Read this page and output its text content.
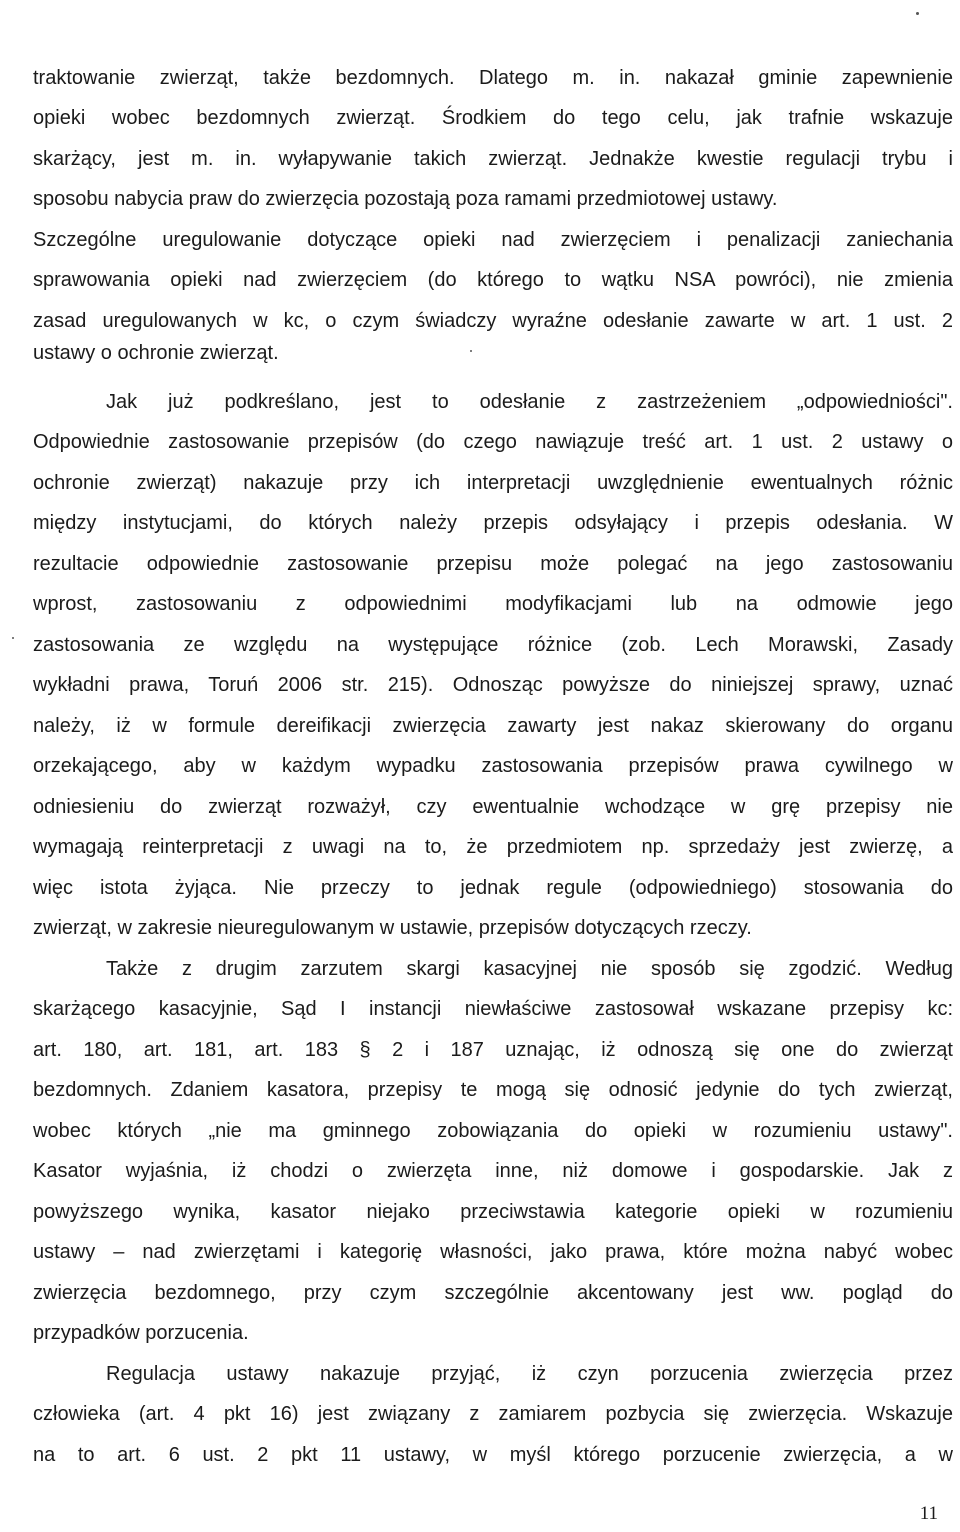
traktowanie zwierząt, także bezdomnych. Dlatego m. in. nakazał gminie zapewnienie
opieki wobec bezdomnych zwierząt. Środkiem do tego celu, jak trafnie wskazuje
skarżący, jest m. in. wyłapywanie takich zwierząt. Jednakże kwestie regulacji trybu i
sposobu nabycia praw do zwierzęcia pozostają poza ramami przedmiotowej ustawy.
Szczególne uregulowanie dotyczące opieki nad zwierzęciem i penalizacji zaniechania
sprawowania opieki nad zwierzęciem (do którego to wątku NSA powróci), nie zmienia
zasad uregulowanych w kc, o czym świadczy wyraźne odesłanie zawarte w art. 1 ust. 2
ustawy o ochronie zwierząt.
Jak już podkreślano, jest to odesłanie z zastrzeżeniem „odpowiedniości".
Odpowiednie zastosowanie przepisów (do czego nawiązuje treść art. 1 ust. 2 ustawy o
ochronie zwierząt) nakazuje przy ich interpretacji uwzględnienie ewentualnych różnic
między instytucjami, do których należy przepis odsyłający i przepis odesłania. W
rezultacie odpowiednie zastosowanie przepisu może polegać na jego zastosowaniu
wprost, zastosowaniu z odpowiednimi modyfikacjami lub na odmowie jego
zastosowania ze względu na występujące różnice (zob. Lech Morawski, Zasady
wykładni prawa, Toruń 2006 str. 215). Odnosząc powyższe do niniejszej sprawy, uznać
należy, iż w formule dereifikacji zwierzęcia zawarty jest nakaz skierowany do organu
orzekającego, aby w każdym wypadku zastosowania przepisów prawa cywilnego w
odniesieniu do zwierząt rozważył, czy ewentualnie wchodzące w grę przepisy nie
wymagają reinterpretacji z uwagi na to, że przedmiotem np. sprzedaży jest zwierzę, a
więc istota żyjąca. Nie przeczy to jednak regule (odpowiedniego) stosowania do
zwierząt, w zakresie nieuregulowanym w ustawie, przepisów dotyczących rzeczy.
Także z drugim zarzutem skargi kasacyjnej nie sposób się zgodzić. Według
skarżącego kasacyjnie, Sąd I instancji niewłaściwe zastosował wskazane przepisy kc:
art. 180, art. 181, art. 183 § 2 i 187 uznając, iż odnoszą się one do zwierząt
bezdomnych. Zdaniem kasatora, przepisy te mogą się odnosić jedynie do tych zwierząt,
wobec których „nie ma gminnego zobowiązania do opieki w rozumieniu ustawy".
Kasator wyjaśnia, iż chodzi o zwierzęta inne, niż domowe i gospodarskie. Jak z
powyższego wynika, kasator niejako przeciwstawia kategorie opieki w rozumieniu
ustawy – nad zwierzętami i kategorię własności, jako prawa, które można nabyć wobec
zwierzęcia bezdomnego, przy czym szczególnie akcentowany jest ww. pogląd do
przypadków porzucenia.
Regulacja ustawy nakazuje przyjąć, iż czyn porzucenia zwierzęcia przez
człowieka (art. 4 pkt 16) jest związany z zamiarem pozbycia się zwierzęcia. Wskazuje
na to art. 6 ust. 2 pkt 11 ustawy, w myśl którego porzucenie zwierzęcia, a w
11
